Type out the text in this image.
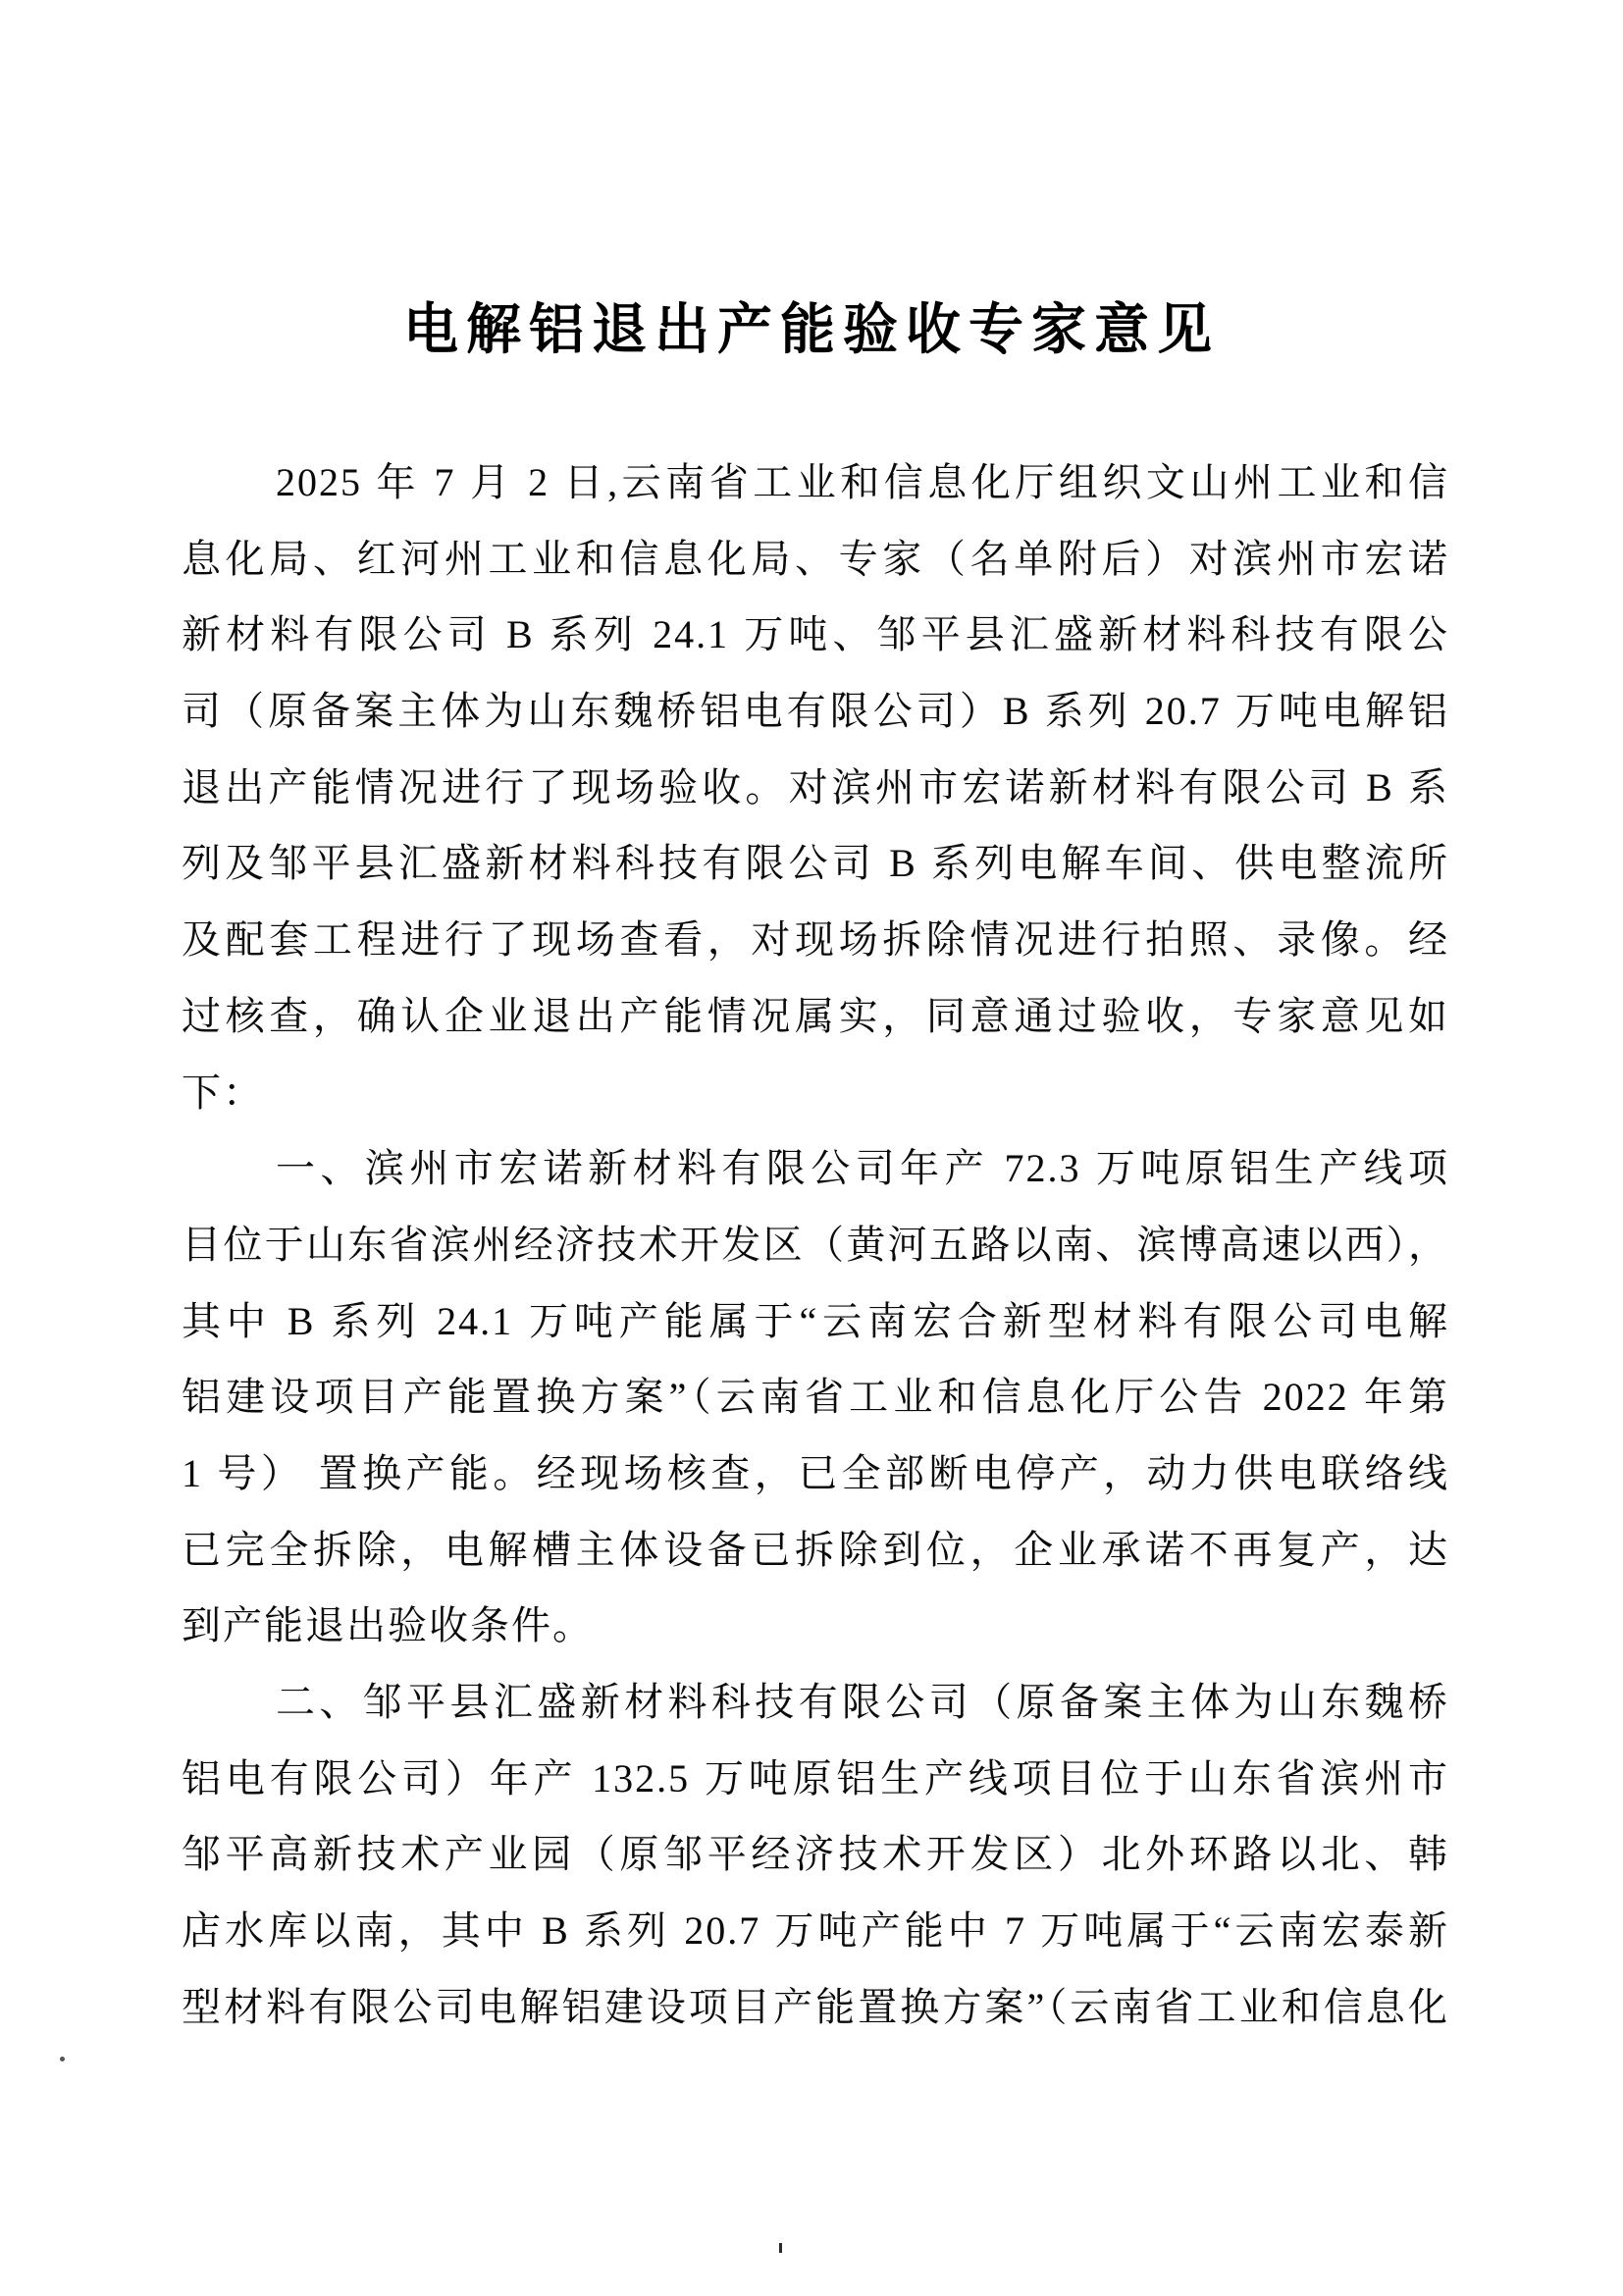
电解铝退出产能验收专家意见

2025 年 7 月 2 日,云南省工业和信息化厅组织文山州工业和信

息化局、红河州工业和信息化局、专家（名单附后）对滨州市宏诺

新材料有限公司 B 系列 24.1 万吨、邹平县汇盛新材料科技有限公

司（原备案主体为山东魏桥铝电有限公司）B 系列 20.7 万吨电解铝

退出产能情况进行了现场验收。对滨州市宏诺新材料有限公司 B 系

列及邹平县汇盛新材料科技有限公司 B 系列电解车间、供电整流所

及配套工程进行了现场查看，对现场拆除情况进行拍照、录像。经

过核查，确认企业退出产能情况属实，同意通过验收，专家意见如

下：

一、滨州市宏诺新材料有限公司年产 72.3 万吨原铝生产线项

目位于山东省滨州经济技术开发区（黄河五路以南、滨博高速以西），

其中 B 系列 24.1 万吨产能属于“云南宏合新型材料有限公司电解

铝建设项目产能置换方案”（云南省工业和信息化厅公告 2022 年第

1 号） 置换产能。经现场核查，已全部断电停产，动力供电联络线

已完全拆除，电解槽主体设备已拆除到位，企业承诺不再复产，达

到产能退出验收条件。

二、邹平县汇盛新材料科技有限公司（原备案主体为山东魏桥

铝电有限公司）年产 132.5 万吨原铝生产线项目位于山东省滨州市

邹平高新技术产业园（原邹平经济技术开发区）北外环路以北、韩

店水库以南，其中 B 系列 20.7 万吨产能中 7 万吨属于“云南宏泰新

型材料有限公司电解铝建设项目产能置换方案”（云南省工业和信息化
